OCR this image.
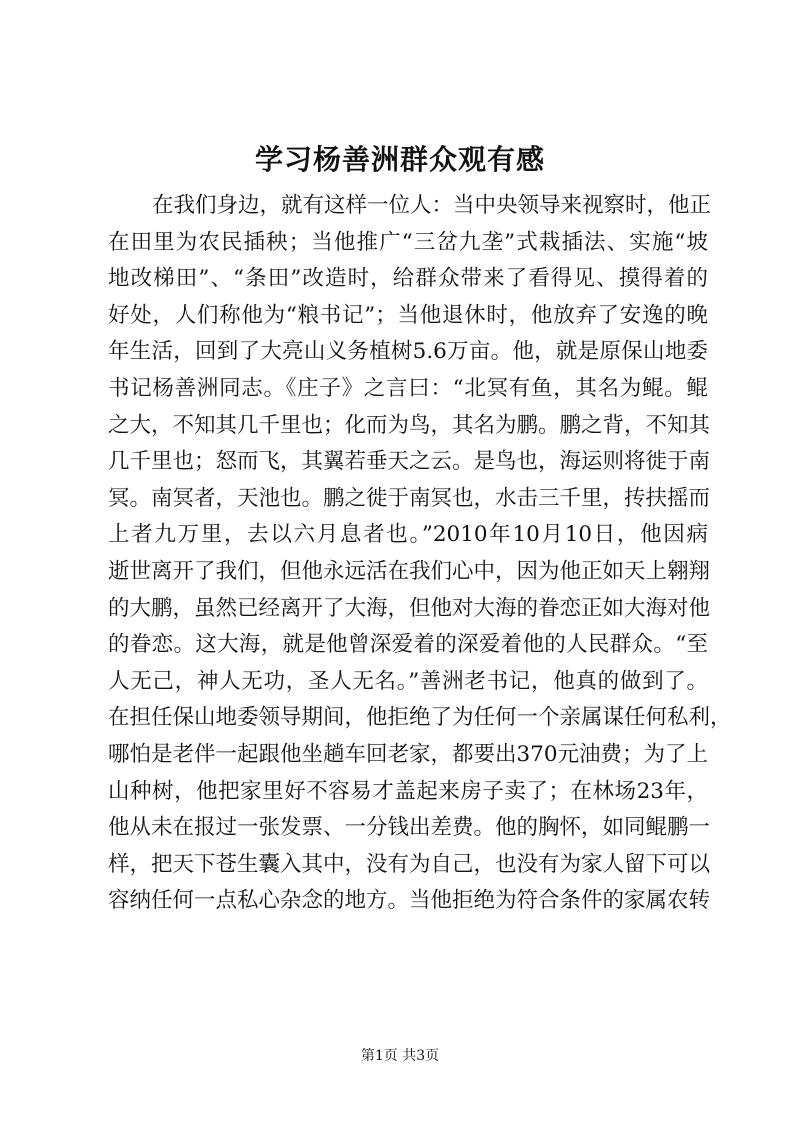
学习杨善洲群众观有感
在我们身边，就有这样一位人：当中央领导来视察时，他正
在田里为农民插秧；当他推广“三岔九垄”式栽插法、实施“坡
地改梯田”、“条田”改造时，给群众带来了看得见、摸得着的
好处，人们称他为“粮书记”；当他退休时，他放弃了安逸的晚
年生活，回到了大亮山义务植树5.6万亩。他，就是原保山地委
书记杨善洲同志。《庄子》之言曰：“北冥有鱼，其名为鲲。鲲
之大，不知其几千里也；化而为鸟，其名为鹏。鹏之背，不知其
几千里也；怒而飞，其翼若垂天之云。是鸟也，海运则将徙于南
冥。南冥者，天池也。鹏之徙于南冥也，水击三千里，抟扶摇而
上者九万里，去以六月息者也。”2010年10月10日，他因病
逝世离开了我们，但他永远活在我们心中，因为他正如天上翱翔
的大鹏，虽然已经离开了大海，但他对大海的眷恋正如大海对他
的眷恋。这大海，就是他曾深爱着的深爱着他的人民群众。“至
人无己，神人无功，圣人无名。”善洲老书记，他真的做到了。
在担任保山地委领导期间，他拒绝了为任何一个亲属谋任何私利，
哪怕是老伴一起跟他坐趟车回老家，都要出370元油费；为了上
山种树，他把家里好不容易才盖起来房子卖了；在林场23年，
他从未在报过一张发票、一分钱出差费。他的胸怀，如同鲲鹏一
样，把天下苍生囊入其中，没有为自己，也没有为家人留下可以
容纳任何一点私心杂念的地方。当他拒绝为符合条件的家属农转
第1页 共3页
